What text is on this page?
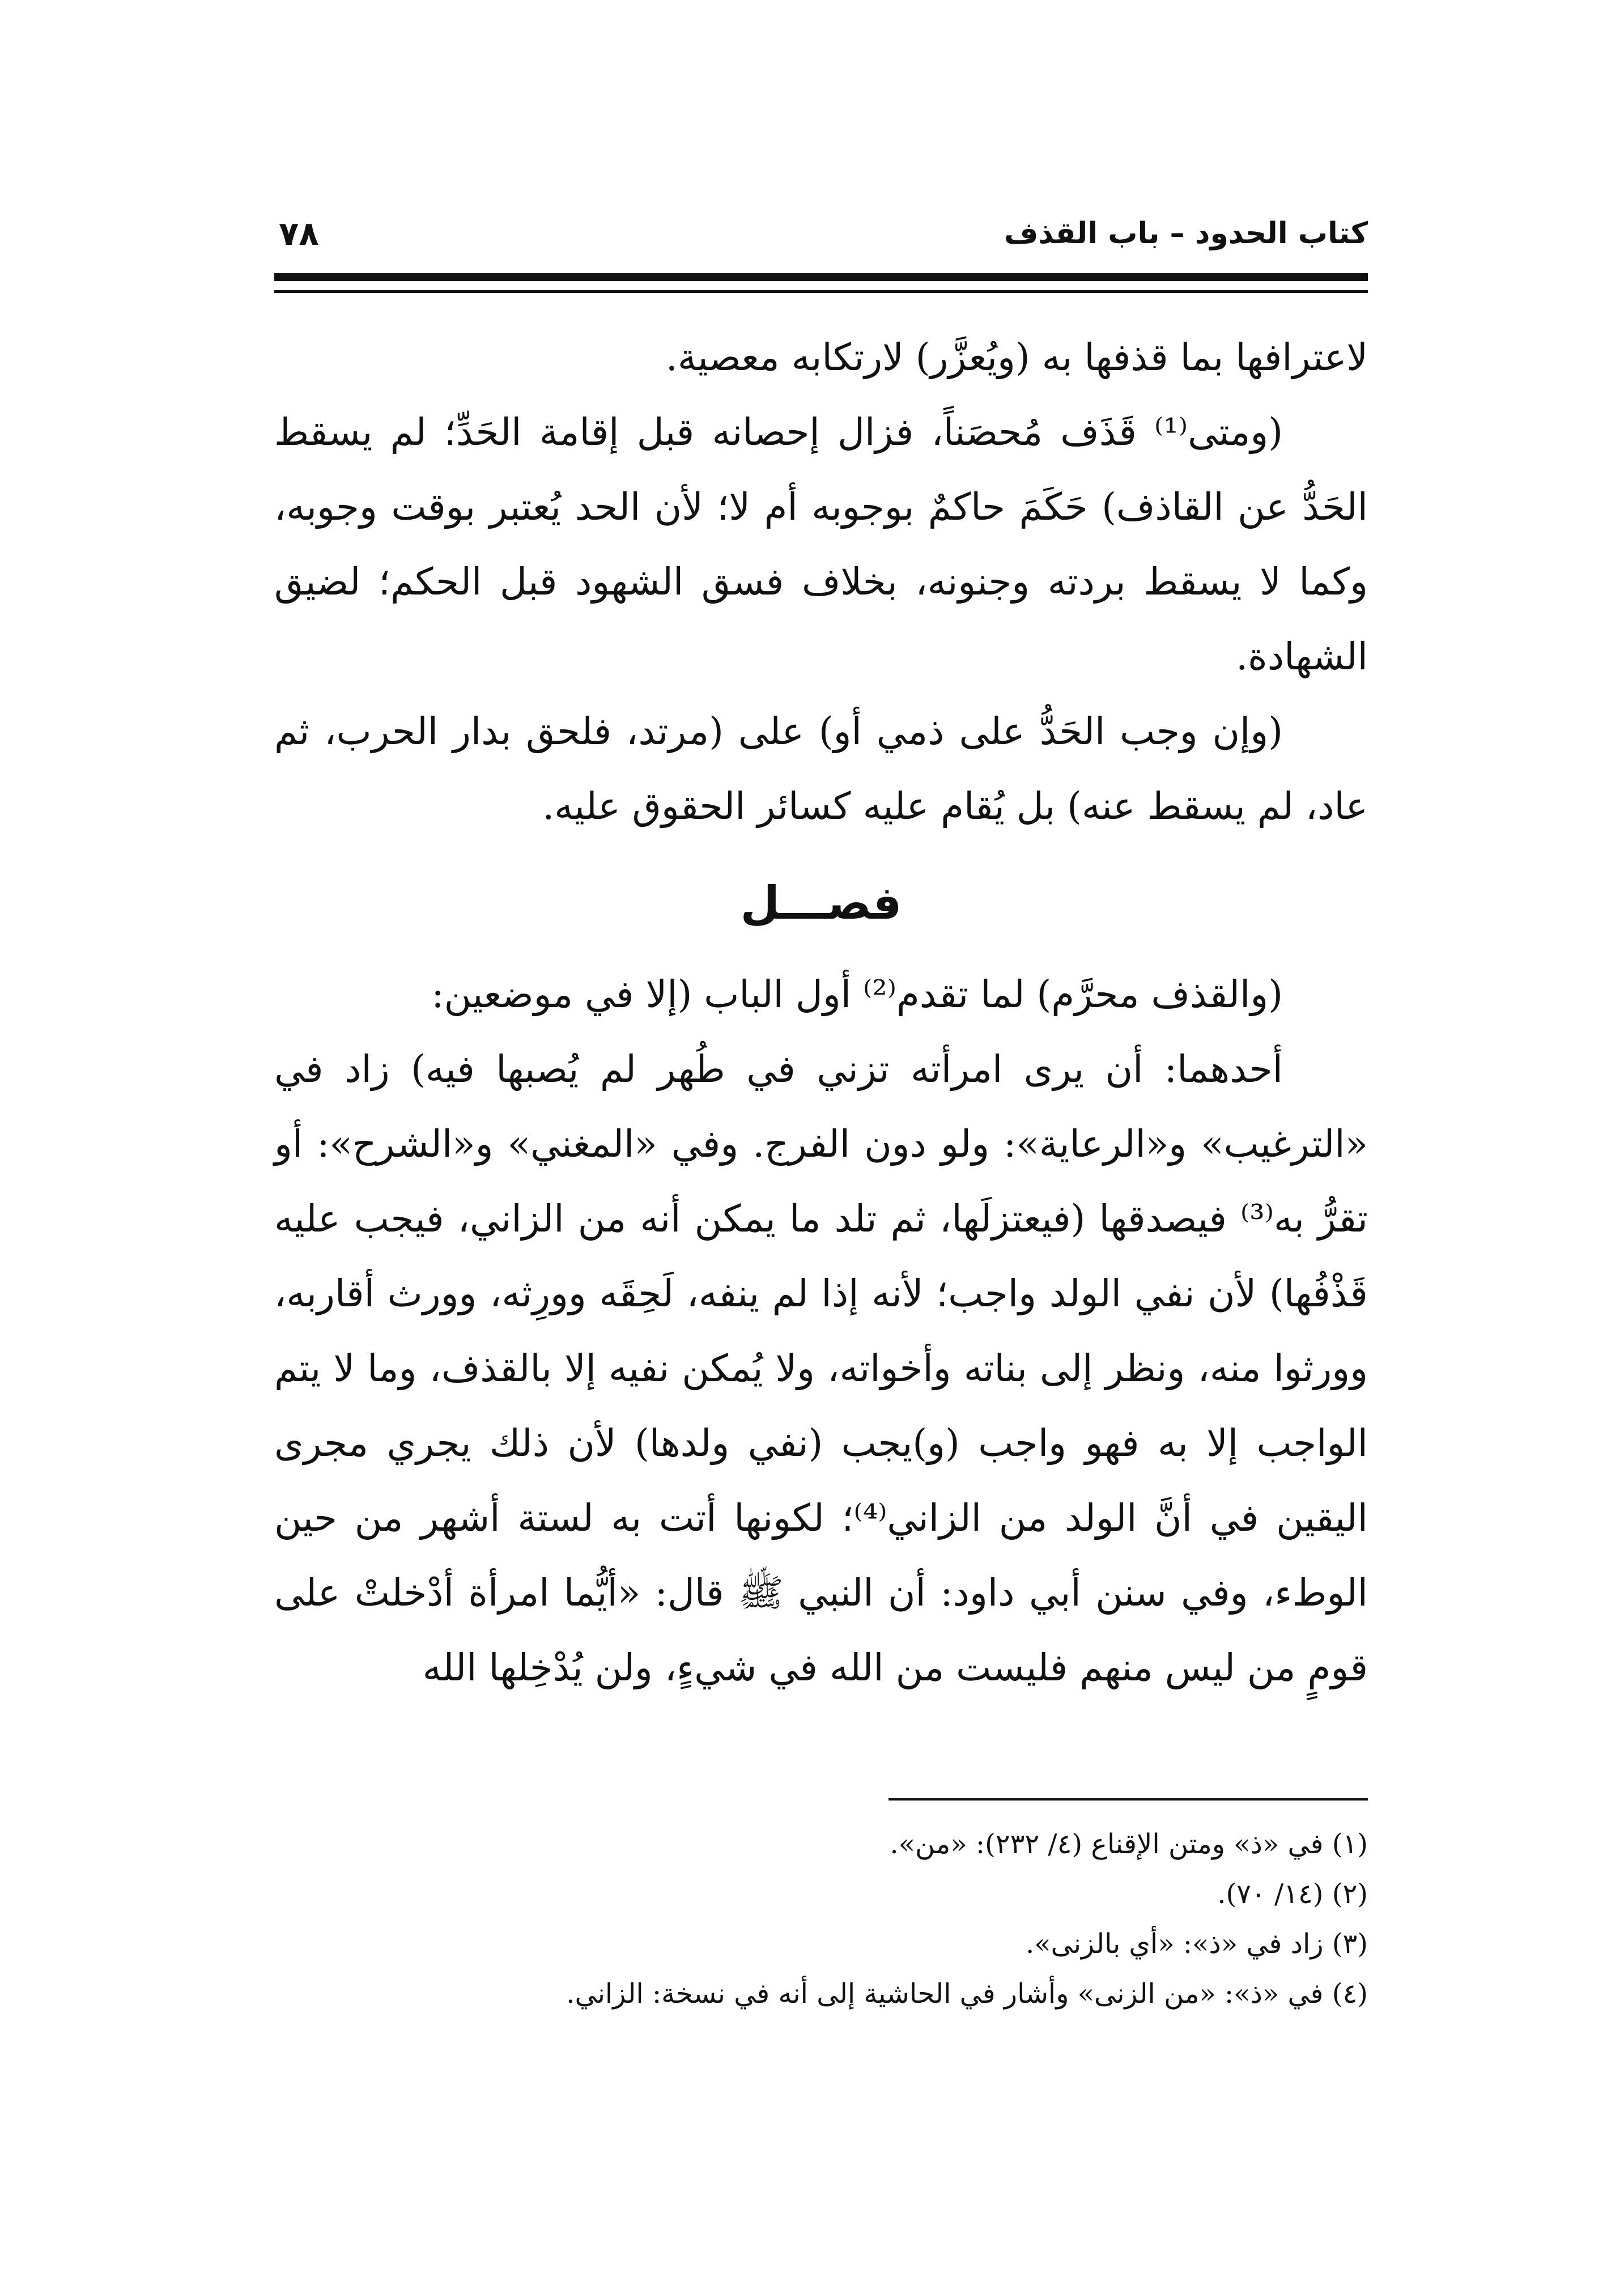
كتاب الحدود – باب القذف
٧٨

لاعترافها بما قذفها به (ويُعزَّر) لارتكابه معصية.

(ومتى⁽¹⁾ قَذَف مُحصَناً، فزال إحصانه قبل إقامة الحَدِّ؛ لم يسقط الحَدُّ عن القاذف) حَكَمَ حاكمٌ بوجوبه أم لا؛ لأن الحد يُعتبر بوقت وجوبه، وكما لا يسقط بردته وجنونه، بخلاف فسق الشهود قبل الحكم؛ لضيق الشهادة.

(وإن وجب الحَدُّ على ذمي أو) على (مرتد، فلحق بدار الحرب، ثم عاد، لم يسقط عنه) بل يُقام عليه كسائر الحقوق عليه.

فصـــل

(والقذف محرَّم) لما تقدم⁽²⁾ أول الباب (إلا في موضعين:

أحدهما: أن يرى امرأته تزني في طُهر لم يُصبها فيه) زاد في «الترغيب» و«الرعاية»: ولو دون الفرج. وفي «المغني» و«الشرح»: أو تقرُّ به⁽³⁾ فيصدقها (فيعتزلَها، ثم تلد ما يمكن أنه من الزاني، فيجب عليه قَذْفُها) لأن نفي الولد واجب؛ لأنه إذا لم ينفه، لَحِقَه وورِثه، وورث أقاربه، وورثوا منه، ونظر إلى بناته وأخواته، ولا يُمكن نفيه إلا بالقذف، وما لا يتم الواجب إلا به فهو واجب (و)يجب (نفي ولدها) لأن ذلك يجري مجرى اليقين في أنَّ الولد من الزاني⁽⁴⁾؛ لكونها أتت به لستة أشهر من حين الوطء، وفي سنن أبي داود: أن النبي ﷺ قال: «أيُّما امرأة أدْخلتْ على قومٍ من ليس منهم فليست من الله في شيءٍ، ولن يُدْخِلها الله

(١) في «ذ» ومتن الإقناع (٤/ ٢٣٢): «من».

(٢) (١٤/ ٧٠).

(٣) زاد في «ذ»: «أي بالزنى».

(٤) في «ذ»: «من الزنى» وأشار في الحاشية إلى أنه في نسخة: الزاني.
